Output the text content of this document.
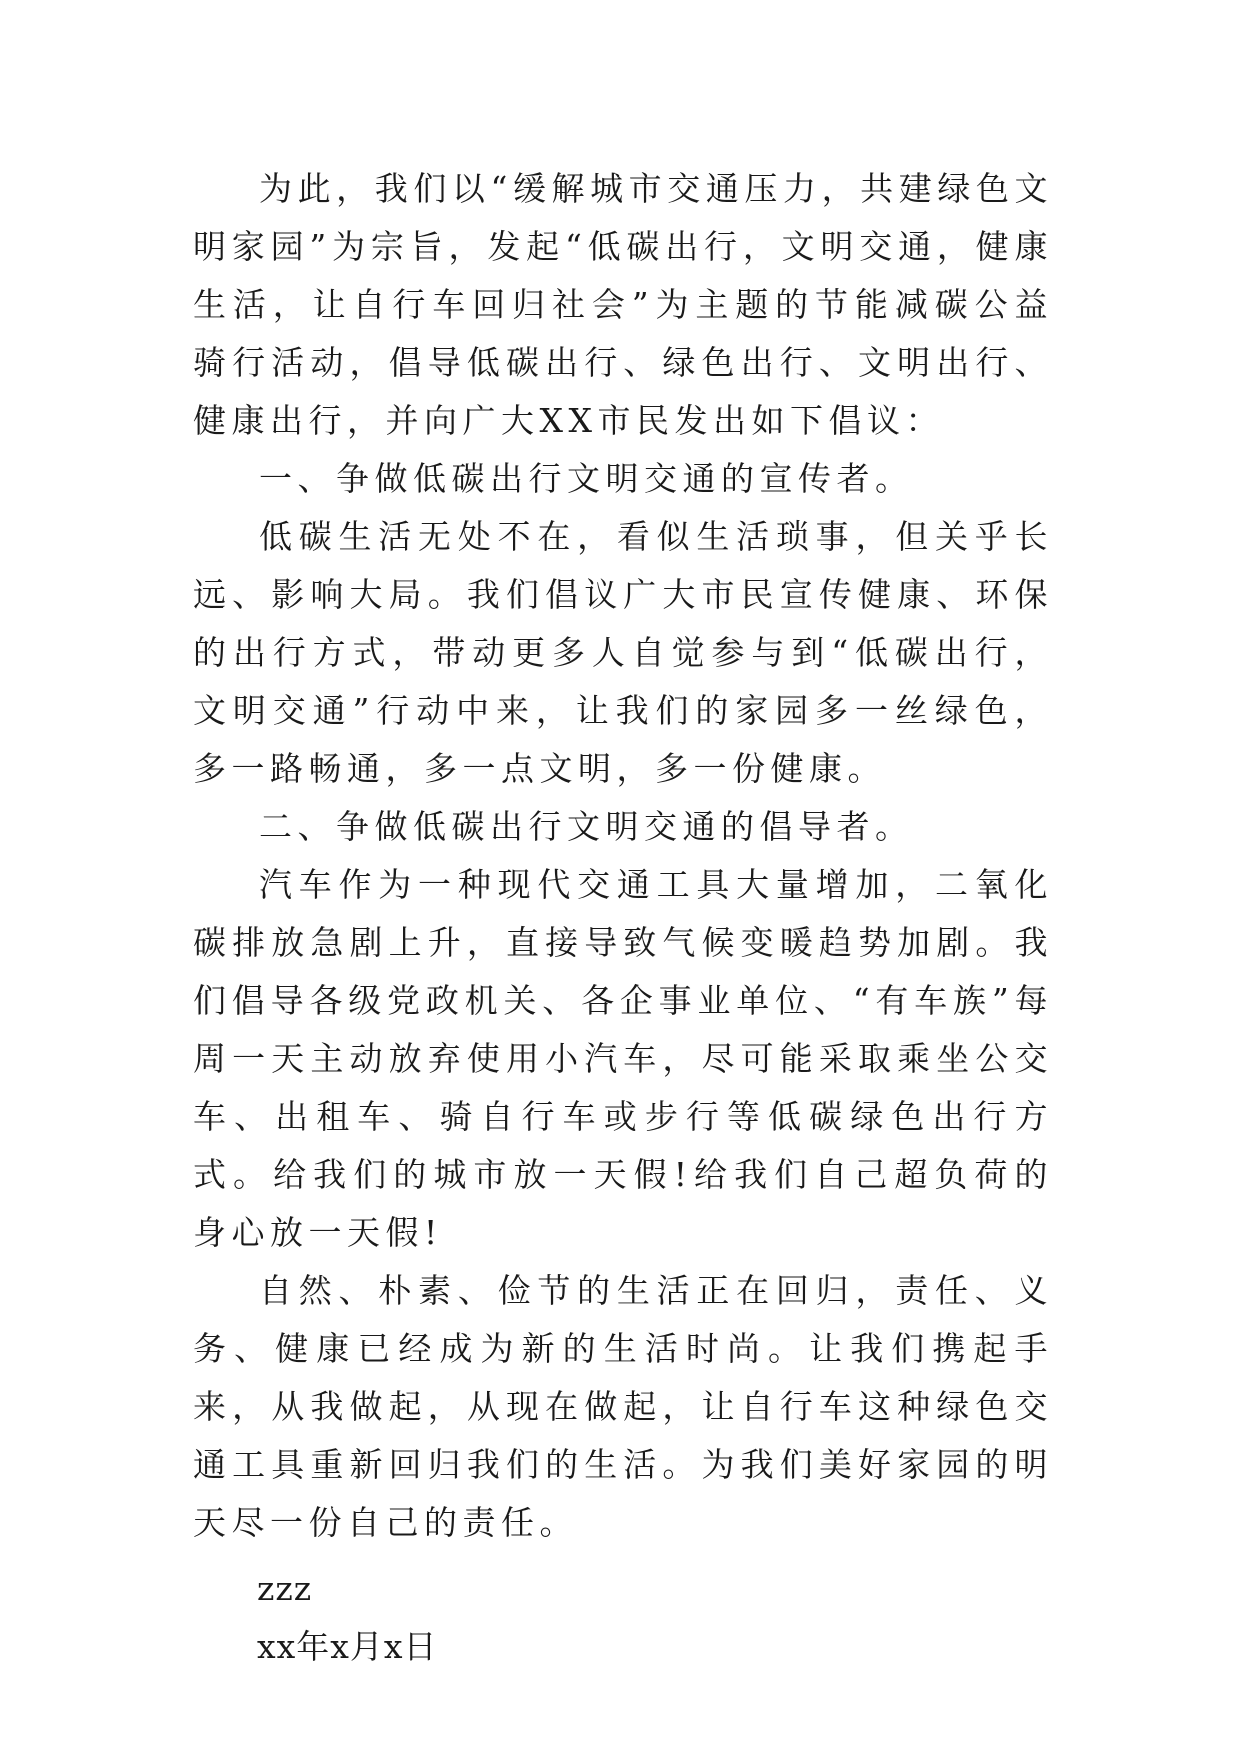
为此，我们以“缓解城市交通压力，共建绿色文明家园”为宗旨，发起“低碳出行，文明交通，健康生活，让自行车回归社会”为主题的节能减碳公益骑行活动，倡导低碳出行、绿色出行、文明出行、健康出行，并向广大XX市民发出如下倡议：

一、争做低碳出行文明交通的宣传者。

低碳生活无处不在，看似生活琐事，但关乎长远、影响大局。我们倡议广大市民宣传健康、环保的出行方式，带动更多人自觉参与到“低碳出行，文明交通”行动中来，让我们的家园多一丝绿色，多一路畅通，多一点文明，多一份健康。

二、争做低碳出行文明交通的倡导者。

汽车作为一种现代交通工具大量增加，二氧化碳排放急剧上升，直接导致气候变暖趋势加剧。我们倡导各级党政机关、各企事业单位、“有车族”每周一天主动放弃使用小汽车，尽可能采取乘坐公交车、出租车、骑自行车或步行等低碳绿色出行方式。给我们的城市放一天假!给我们自己超负荷的身心放一天假!

自然、朴素、俭节的生活正在回归，责任、义务、健康已经成为新的生活时尚。让我们携起手来，从我做起，从现在做起，让自行车这种绿色交通工具重新回归我们的生活。为我们美好家园的明天尽一份自己的责任。

zzz

xx年x月x日
